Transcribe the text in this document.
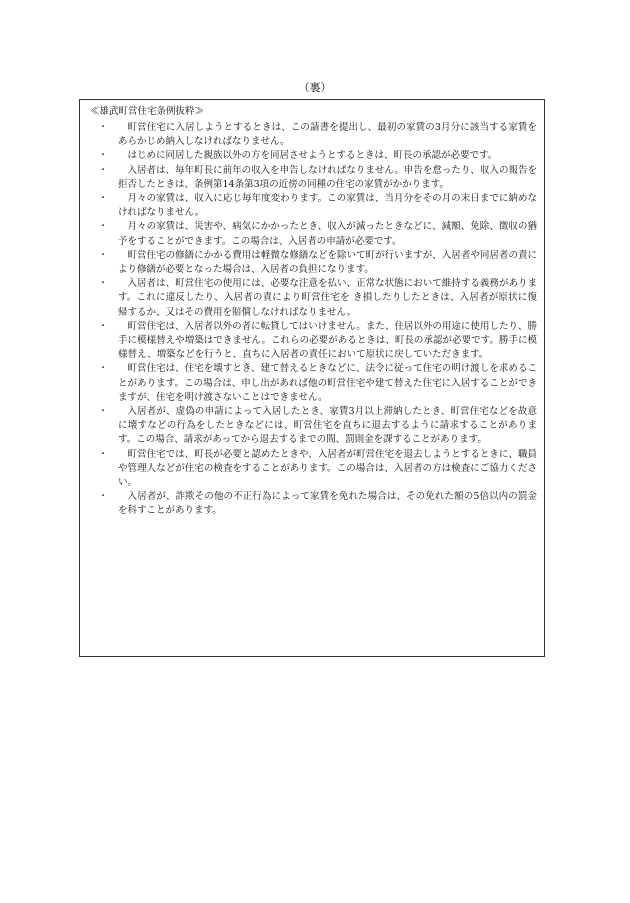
（裏）
≪雄武町営住宅条例抜粋≫
・	町営住宅に入居しようとするときは、この請書を提出し、最初の家賃の3月分に該当する家賃をあらかじめ納入しなければなりません。
・	はじめに同居した親族以外の方を同居させようとするときは、町長の承認が必要です。
・	入居者は、毎年町長に前年の収入を申告しなければなりません。申告を怠ったり、収入の報告を拒否したときは、条例第14条第3項の近傍の同種の住宅の家賃がかかります。
・	月々の家賃は、収入に応じ毎年度変わります。この家賃は、当月分をその月の末日までに納めなければなりません。
・	月々の家賃は、災害や、病気にかかったとき、収入が減ったときなどに、減額、免除、徴収の猶予をすることができます。この場合は、入居者の申請が必要です。
・	町営住宅の修繕にかかる費用は軽微な修繕などを除いて町が行いますが、入居者や同居者の責により修繕が必要となった場合は、入居者の負担になります。
・	入居者は、町営住宅の使用には、必要な注意を払い、正常な状態において維持する義務があります。これに違反したり、入居者の責により町営住宅を き損したりしたときは、入居者が原状に復帰するか、又はその費用を賠償しなければなりません。
・	町営住宅は、入居者以外の者に転貸してはいけません。また、住居以外の用途に使用したり、勝手に模様替えや増築はできません。これらの必要があるときは、町長の承認が必要です。勝手に模様替え、増築などを行うと、直ちに入居者の責任において原状に戻していただきます。
・	町営住宅は、住宅を壊すとき、建て替えるときなどに、法令に従って住宅の明け渡しを求めることがあります。この場合は、申し出があれば他の町営住宅や建て替えた住宅に入居することができますが、住宅を明け渡さないことはできません。
・	入居者が、虚偽の申請によって入居したとき、家賃3月以上滞納したとき、町営住宅などを故意に壊すなどの行為をしたときなどには、町営住宅を直ちに退去するように請求することがあります。この場合、請求があってから退去するまでの間、罰則金を課することがあります。
・	町営住宅では、町長が必要と認めたときや、入居者が町営住宅を退去しようとするときに、職員や管理人などが住宅の検査をすることがあります。この場合は、入居者の方は検査にご協力ください。
・	入居者が、詐欺その他の不正行為によって家賃を免れた場合は、その免れた額の5倍以内の罰金を科すことがあります。
